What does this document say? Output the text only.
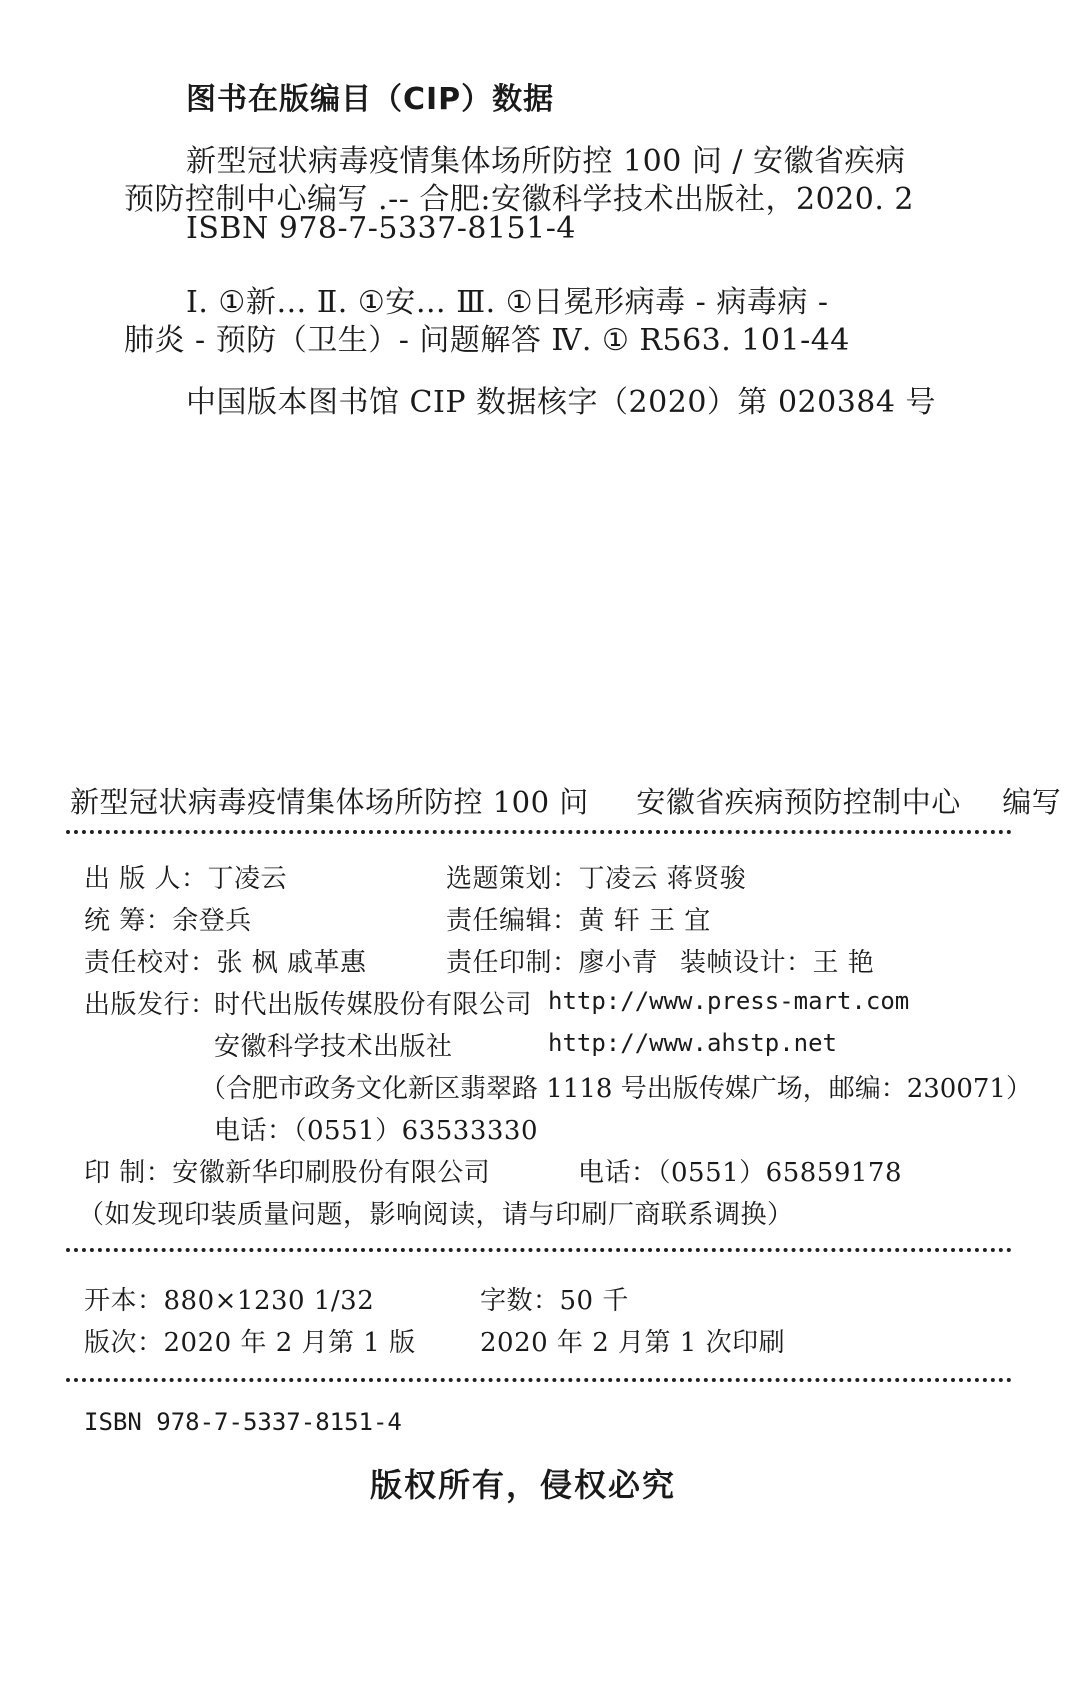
图书在版编目（CIP）数据
新型冠状病毒疫情集体场所防控 100 问 / 安徽省疾病
预防控制中心编写 .-- 合肥:安徽科学技术出版社，2020. 2
ISBN 978-7-5337-8151-4
Ⅰ. ①新… Ⅱ. ①安… Ⅲ. ①日冕形病毒 - 病毒病 -
肺炎 - 预防（卫生）- 问题解答 Ⅳ. ① R563. 101-44
中国版本图书馆 CIP 数据核字（2020）第 020384 号
新型冠状病毒疫情集体场所防控 100 问 安徽省疾病预防控制中心 编写
出 版 人：丁凌云	选题策划：丁凌云 蒋贤骏
统 筹：余登兵	责任编辑：黄 轩 王 宜
责任校对：张 枫 戚革惠	责任印制：廖小青 装帧设计：王 艳
出版发行：
时代出版传媒股份有限公司 http://www.press-mart.com
安徽科学技术出版社	http://www.ahstp.net
（合肥市政务文化新区翡翠路 1118 号出版传媒广场，邮编：230071）
电话：（0551）63533330
印 制：安徽新华印刷股份有限公司	电话：（0551）65859178
（如发现印装质量问题，影响阅读，请与印刷厂商联系调换）
开本：880×1230 1/32	字数：50 千
版次：2020 年 2 月第 1 版 2020 年 2 月第 1 次印刷
ISBN 978-7-5337-8151-4
版权所有，侵权必究
